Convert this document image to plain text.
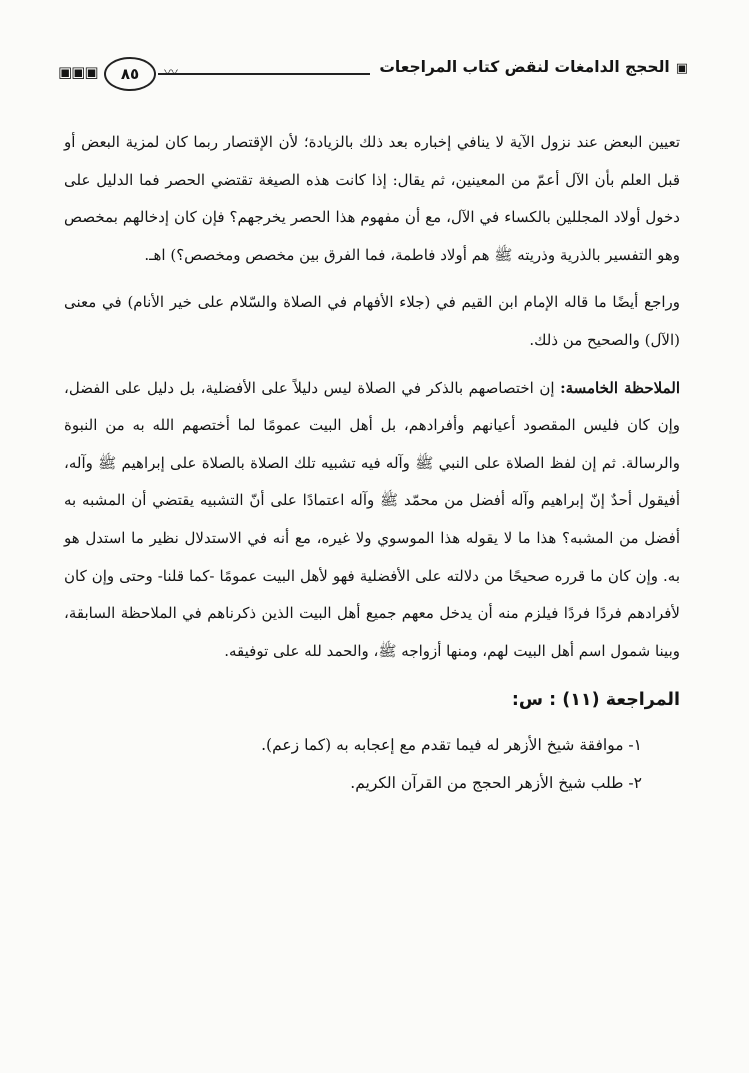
▣▣▣	٨٥	▣الحجج الدامغات لنقض كتاب المراجعات

تعيين البعض عند نزول الآية لا ينافي إخباره بعد ذلك بالزيادة؛ لأن الإقتصار ربما كان لمزية البعض أو قبل العلم بأن الآل أعمّ من المعينين، ثم يقال: إذا كانت هذه الصيغة تقتضي الحصر فما الدليل على دخول أولاد المجللين بالكساء في الآل، مع أن مفهوم هذا الحصر يخرجهم؟ فإن كان إدخالهم بمخصص وهو التفسير بالذرية وذريته ﷺ هم أولاد فاطمة، فما الفرق بين مخصص ومخصص؟) اهـ.

وراجع أيضًا ما قاله الإمام ابن القيم في (جلاء الأفهام في الصلاة والسّلام على خير الأنام) في معنى (الآل) والصحيح من ذلك.

الملاحظة الخامسة: إن اختصاصهم بالذكر في الصلاة ليس دليلاً على الأفضلية، بل دليل على الفضل، وإن كان فليس المقصود أعيانهم وأفرادهم، بل أهل البيت عمومًا لما أختصهم الله به من النبوة والرسالة. ثم إن لفظ الصلاة على النبي ﷺ وآله فيه تشبيه تلك الصلاة بالصلاة على إبراهيم ﷺ وآله، أفيقول أحدٌ إنّ إبراهيم وآله أفضل من محمّد ﷺ وآله اعتمادًا على أنّ التشبيه يقتضي أن المشبه به أفضل من المشبه؟ هذا ما لا يقوله هذا الموسوي ولا غيره، مع أنه في الاستدلال نظير ما استدل هو به. وإن كان ما قرره صحيحًا من دلالته على الأفضلية فهو لأهل البيت عمومًا -كما قلنا- وحتى وإن كان لأفرادهم فردًا فردًا فيلزم منه أن يدخل معهم جميع أهل البيت الذين ذكرناهم في الملاحظة السابقة، وبينا شمول اسم أهل البيت لهم، ومنها أزواجه ﷺ، والحمد لله على توفيقه.

المراجعة (١١) : س:

١- موافقة شيخ الأزهر له فيما تقدم مع إعجابه به (كما زعم).

٢- طلب شيخ الأزهر الحجج من القرآن الكريم.
